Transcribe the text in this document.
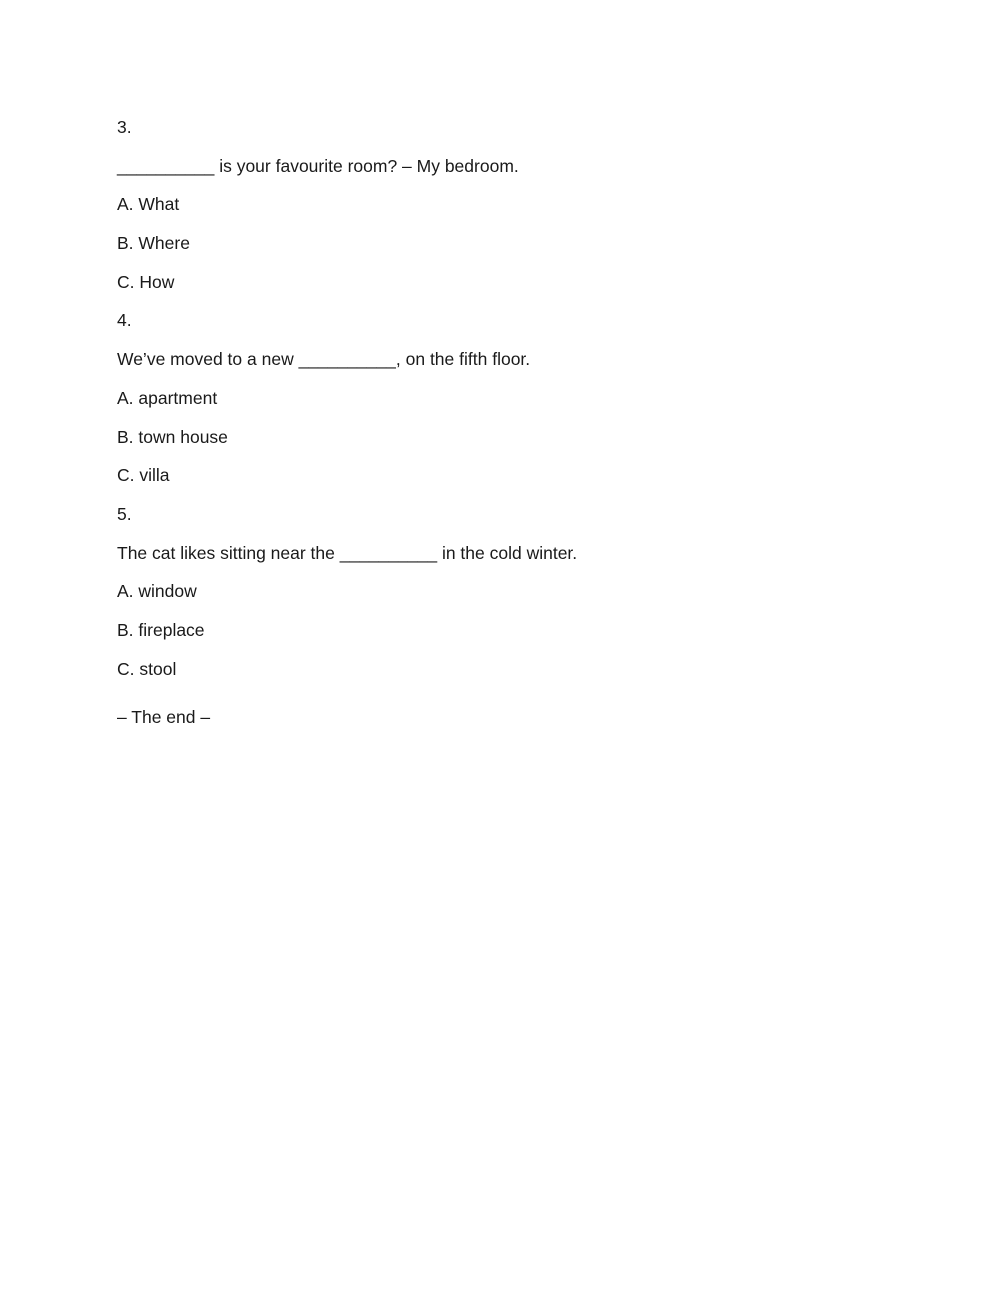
3.
__________ is your favourite room? – My bedroom.
A. What
B. Where
C. How
4.
We’ve moved to a new __________, on the fifth floor.
A. apartment
B. town house
C. villa
5.
The cat likes sitting near the __________ in the cold winter.
A. window
B. fireplace
C. stool
– The end –
